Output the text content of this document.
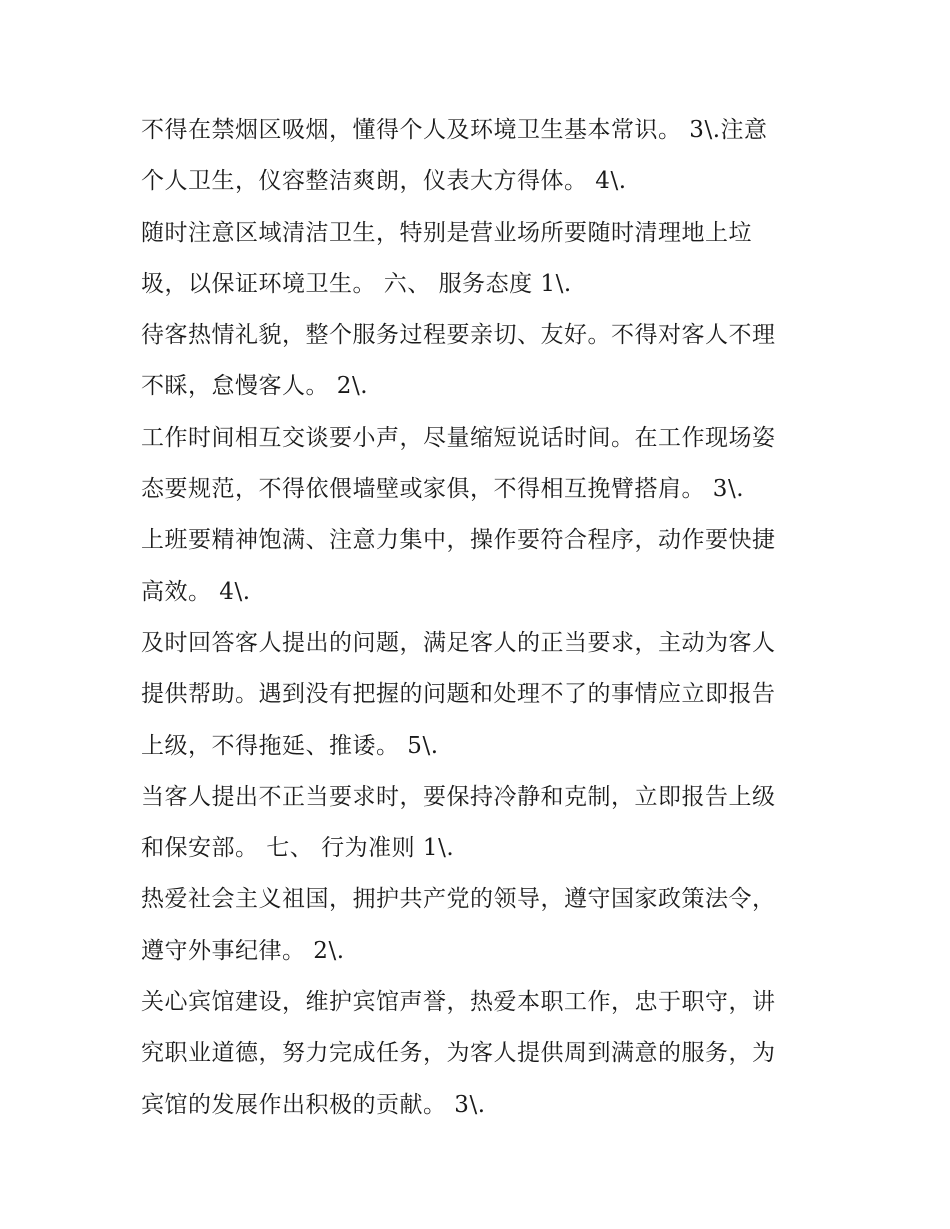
不得在禁烟区吸烟，懂得个人及环境卫生基本常识。 3\.注意
个人卫生，仪容整洁爽朗，仪表大方得体。 4\.
随时注意区域清洁卫生，特别是营业场所要随时清理地上垃
圾，以保证环境卫生。 六、 服务态度 1\.
待客热情礼貌，整个服务过程要亲切、友好。不得对客人不理
不睬，怠慢客人。 2\.
工作时间相互交谈要小声，尽量缩短说话时间。在工作现场姿
态要规范，不得依偎墙壁或家俱，不得相互挽臂搭肩。 3\.
上班要精神饱满、注意力集中，操作要符合程序，动作要快捷
高效。 4\.
及时回答客人提出的问题，满足客人的正当要求，主动为客人
提供帮助。遇到没有把握的问题和处理不了的事情应立即报告
上级，不得拖延、推诿。 5\.
当客人提出不正当要求时，要保持冷静和克制，立即报告上级
和保安部。 七、 行为准则 1\.
热爱社会主义祖国，拥护共产党的领导，遵守国家政策法令，
遵守外事纪律。 2\.
关心宾馆建设，维护宾馆声誉，热爱本职工作，忠于职守，讲
究职业道德，努力完成任务，为客人提供周到满意的服务，为
宾馆的发展作出积极的贡献。 3\.
